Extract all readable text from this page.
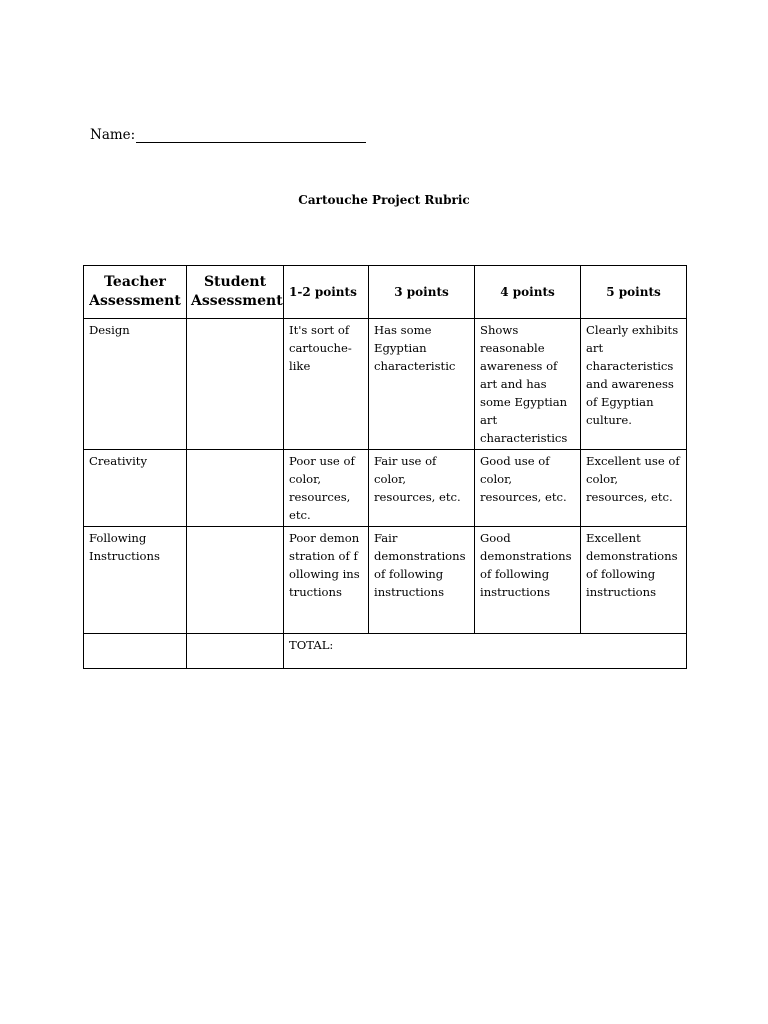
Name:
Cartouche Project Rubric
Teacher Assessment	Student Assessment	1-2 points	3 points	4 points	5 points
Design		It's sort of cartouche-like	Has some Egyptian characteristic	Shows reasonable awareness of art and has some Egyptian art characteristics	Clearly exhibits art characteristics and awareness of Egyptian culture.
Creativity		Poor use of color, resources, etc.	Fair use of color, resources, etc.	Good use of color, resources, etc.	Excellent use of color, resources, etc.
Following Instructions		Poor demonstration of following instructions	Fair demonstrations of following instructions	Good demonstrations of following instructions	Excellent demonstrations of following instructions
		TOTAL:			
